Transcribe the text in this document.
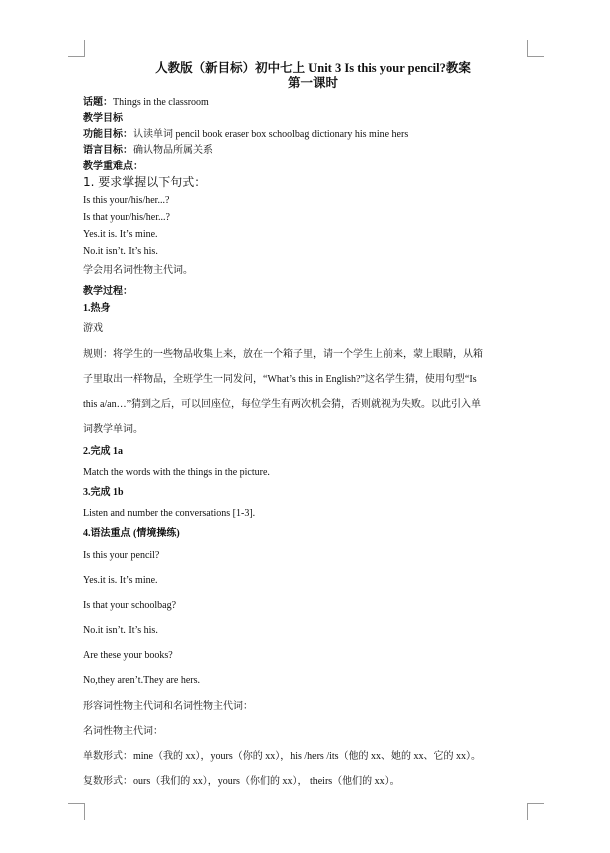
人教版（新目标）初中七上 Unit 3 Is this your pencil?教案
第一课时
话题：Things in the classroom
教学目标
功能目标：认读单词 pencil book eraser box schoolbag dictionary his mine hers
语言目标：确认物品所属关系
教学重难点：
1. 要求掌握以下句式：
Is this your/his/her...?
Is that your/his/her...?
Yes.it is. It’s mine.
No.it isn’t. It’s his.
学会用名词性物主代词。
教学过程：
1.热身
游戏
规则：将学生的一些物品收集上来，放在一个箱子里，请一个学生上前来，蒙上眼睛，从箱
子里取出一样物品，全班学生一同发问，“What’s this in English?”这名学生猜，使用句型“Is
this a/an…”猜到之后，可以回座位，每位学生有两次机会猜，否则就视为失败。以此引入单
词教学单词。
2.完成 1a
Match the words with the things in the picture.
3.完成 1b
Listen and number the conversations [1-3].
4.语法重点 (情境操练)
Is this your pencil?
Yes.it is. It’s mine.
Is that your schoolbag?
No.it isn’t. It’s his.
Are these your books?
No,they aren’t.They are hers.
形容词性物主代词和名词性物主代词：
名词性物主代词：
单数形式：mine（我的 xx），yours（你的 xx），his /hers /its（他的 xx、她的 xx、它的 xx）。
复数形式：ours（我们的 xx），yours（你们的 xx）， theirs（他们的 xx）。
